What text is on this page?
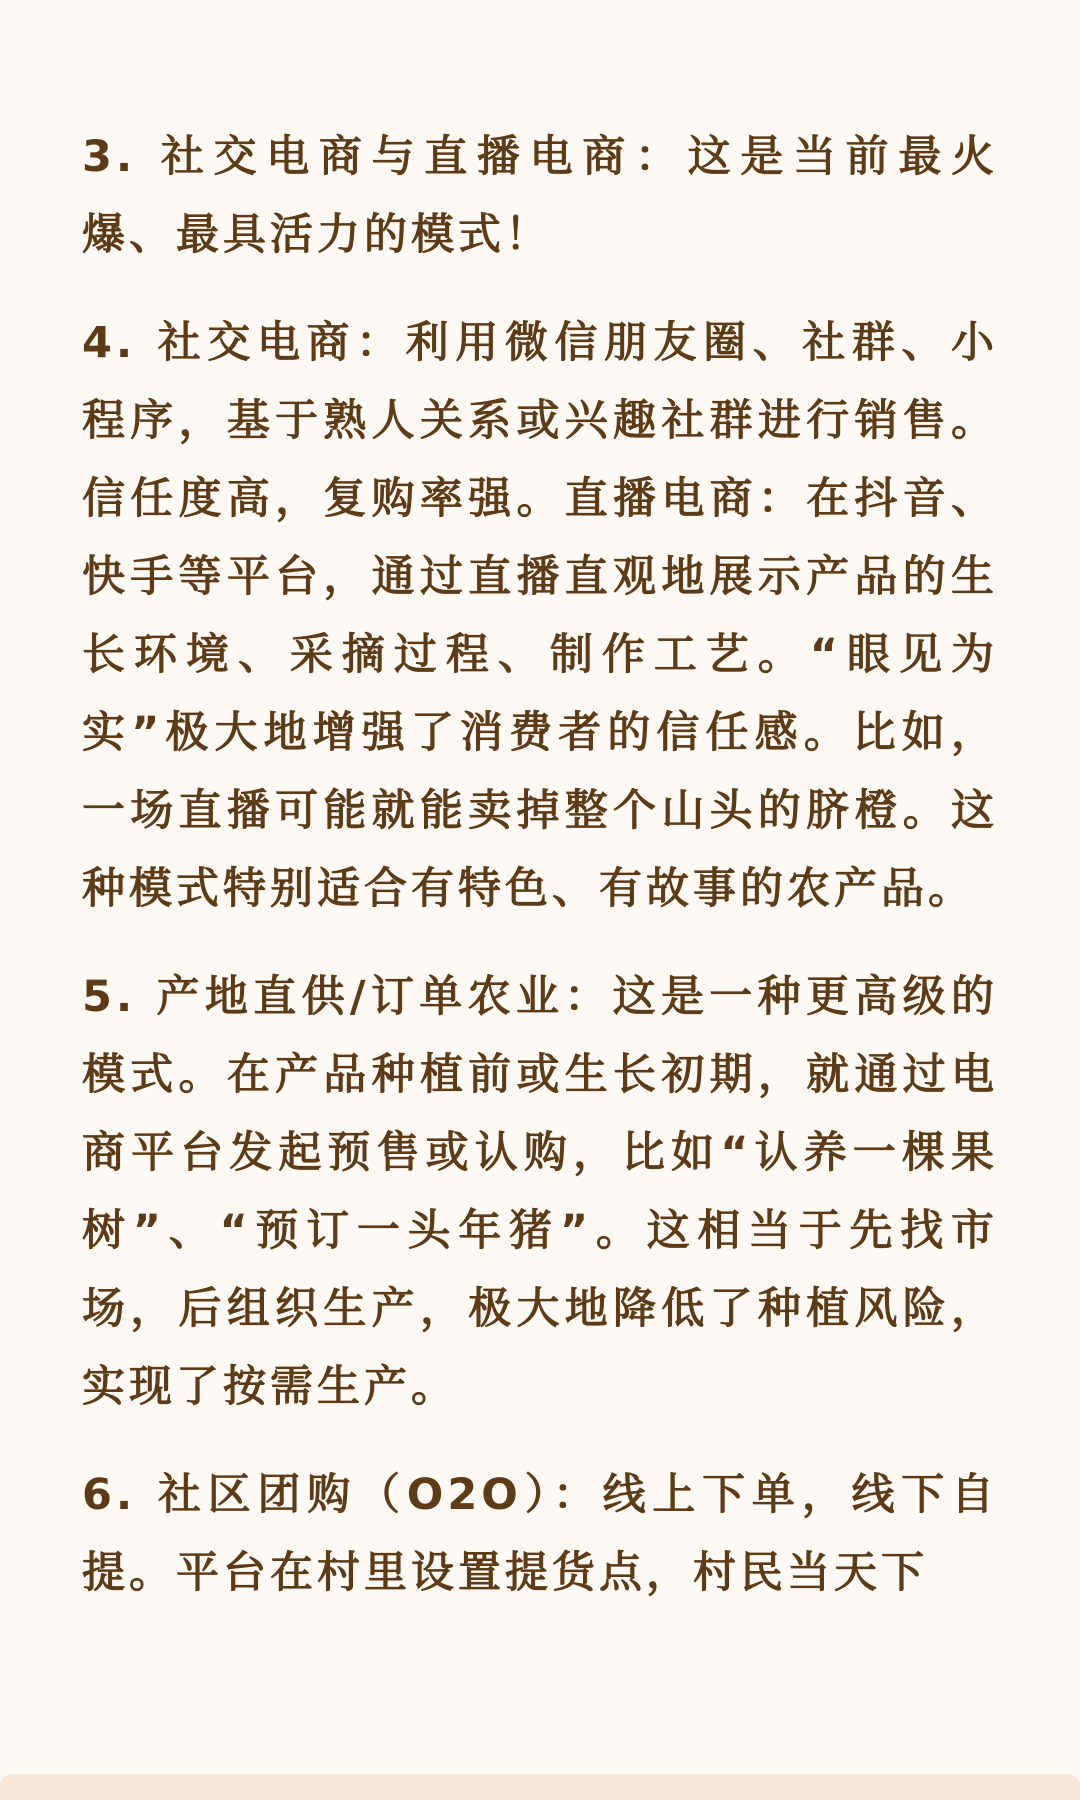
3. 社交电商与直播电商：这是当前最火爆、最具活力的模式！

4. 社交电商：利用微信朋友圈、社群、小程序，基于熟人关系或兴趣社群进行销售。信任度高，复购率强。直播电商：在抖音、快手等平台，通过直播直观地展示产品的生长环境、采摘过程、制作工艺。“眼见为实”极大地增强了消费者的信任感。比如，一场直播可能就能卖掉整个山头的脐橙。这种模式特别适合有特色、有故事的农产品。

5. 产地直供/订单农业：这是一种更高级的模式。在产品种植前或生长初期，就通过电商平台发起预售或认购，比如“认养一棵果树”、“预订一头年猪”。这相当于先找市场，后组织生产，极大地降低了种植风险，实现了按需生产。

6. 社区团购（O2O）：线上下单，线下自提。平台在村里设置提货点，村民当天下
